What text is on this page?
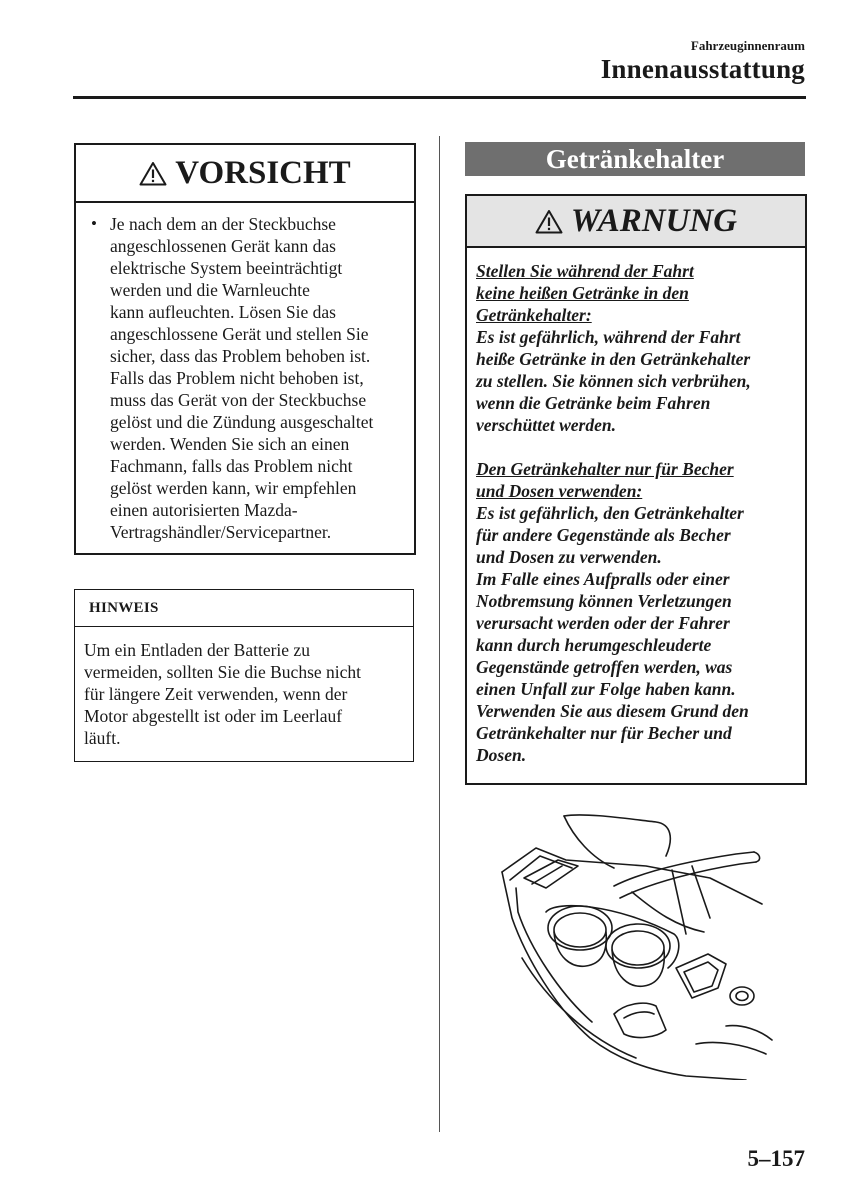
Fahrzeuginnenraum
Innenausstattung
VORSICHT
• Je nach dem an der Steckbuchse

angeschlossenen Gerät kann das

elektrische System beeinträchtigt

werden und die Warnleuchte

kann aufleuchten. Lösen Sie das

angeschlossene Gerät und stellen Sie

sicher, dass das Problem behoben ist.

Falls das Problem nicht behoben ist,

muss das Gerät von der Steckbuchse

gelöst und die Zündung ausgeschaltet

werden. Wenden Sie sich an einen

Fachmann, falls das Problem nicht

gelöst werden kann, wir empfehlen

einen autorisierten Mazda-

Vertragshändler/Servicepartner.

HINWEIS

Um ein Entladen der Batterie zu

vermeiden, sollten Sie die Buchse nicht

für längere Zeit verwenden, wenn der

Motor abgestellt ist oder im Leerlauf

läuft.

Getränkehalter
WARNUNG

Stellen Sie während der Fahrt

keine heißen Getränke in den

Getränkehalter:

Es ist gefährlich, während der Fahrt

heiße Getränke in den Getränkehalter

zu stellen. Sie können sich verbrühen,

wenn die Getränke beim Fahren

verschüttet werden.

Den Getränkehalter nur für Becher

und Dosen verwenden:

Es ist gefährlich, den Getränkehalter

für andere Gegenstände als Becher

und Dosen zu verwenden.

Im Falle eines Aufpralls oder einer

Notbremsung können Verletzungen

verursacht werden oder der Fahrer

kann durch herumgeschleuderte

Gegenstände getroffen werden, was

einen Unfall zur Folge haben kann.

Verwenden Sie aus diesem Grund den

Getränkehalter nur für Becher und

Dosen.

5–157
